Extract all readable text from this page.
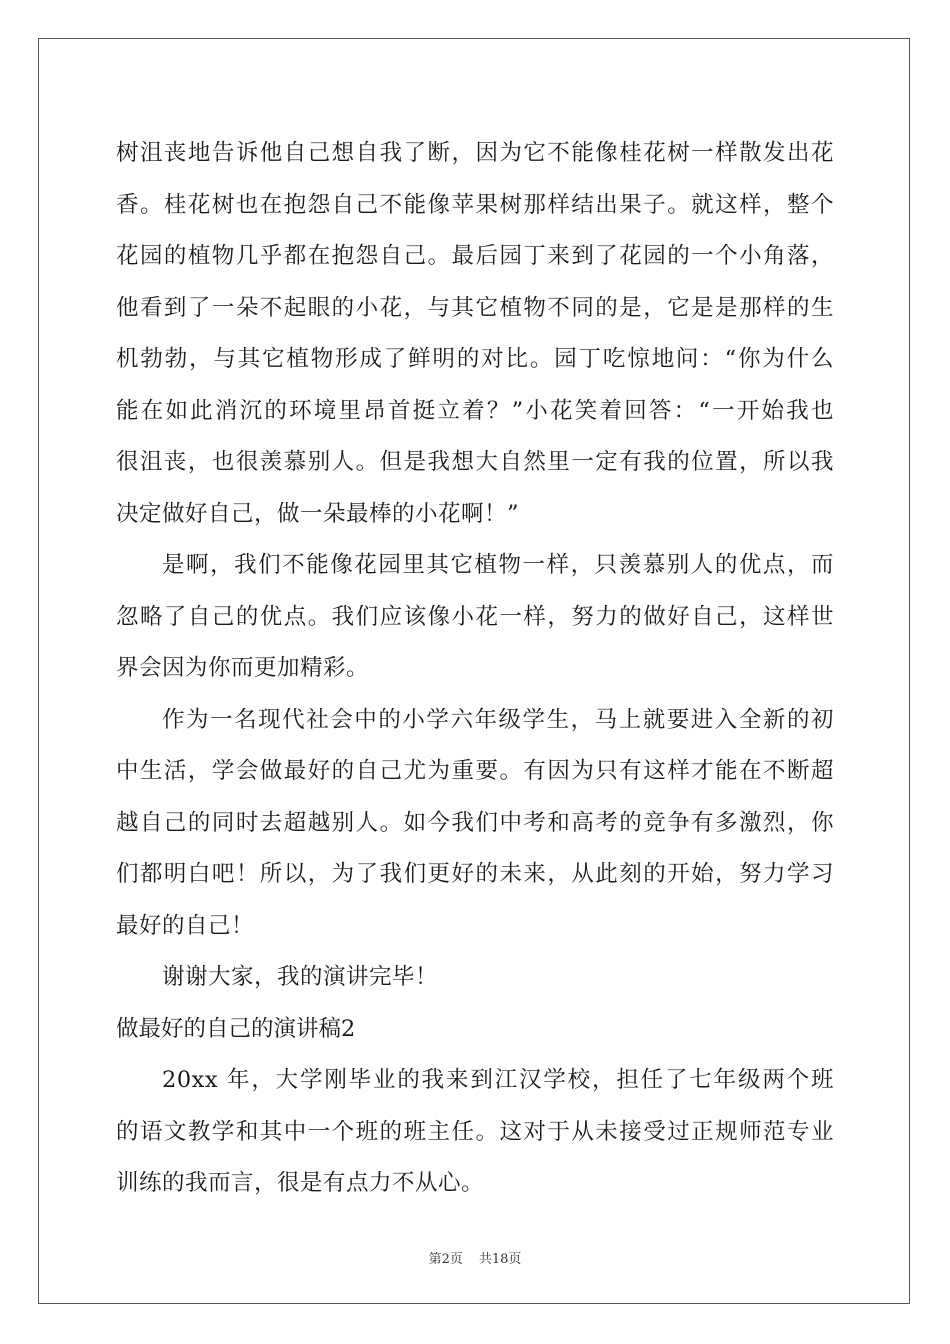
树沮丧地告诉他自己想自我了断，因为它不能像桂花树一样散发出花
香。桂花树也在抱怨自己不能像苹果树那样结出果子。就这样，整个
花园的植物几乎都在抱怨自己。最后园丁来到了花园的一个小角落，
他看到了一朵不起眼的小花，与其它植物不同的是，它是是那样的生
机勃勃，与其它植物形成了鲜明的对比。园丁吃惊地问：“你为什么
能在如此消沉的环境里昂首挺立着？”小花笑着回答：“一开始我也
很沮丧，也很羡慕别人。但是我想大自然里一定有我的位置，所以我
决定做好自己，做一朵最棒的小花啊！”
是啊，我们不能像花园里其它植物一样，只羡慕别人的优点，而
忽略了自己的优点。我们应该像小花一样，努力的做好自己，这样世
界会因为你而更加精彩。
作为一名现代社会中的小学六年级学生，马上就要进入全新的初
中生活，学会做最好的自己尤为重要。有因为只有这样才能在不断超
越自己的同时去超越别人。如今我们中考和高考的竞争有多激烈，你
们都明白吧！所以，为了我们更好的未来，从此刻的开始，努力学习
最好的自己！
谢谢大家，我的演讲完毕！
做最好的自己的演讲稿2
20xx 年，大学刚毕业的我来到江汉学校，担任了七年级两个班
的语文教学和其中一个班的班主任。这对于从未接受过正规师范专业
训练的我而言，很是有点力不从心。
第2页 共18页
